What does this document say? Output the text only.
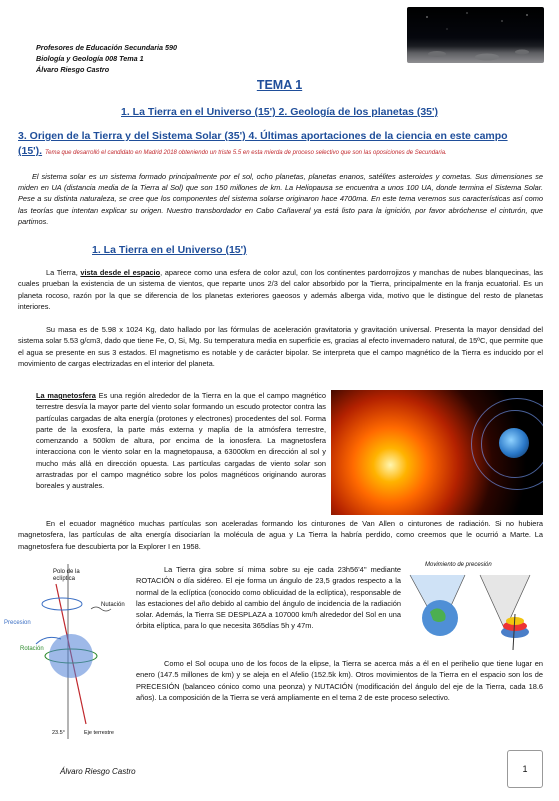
Profesores de Educación Secundaria 590
Biología y Geología 008 Tema 1
Álvaro Riesgo Castro
TEMA 1
1. La Tierra en el Universo (15') 2. Geología de los planetas (35')
3. Origen de la Tierra y del Sistema Solar (35') 4. Últimas aportaciones de la ciencia en este campo
(15'). Tema que desarrolló el candidato en Madrid 2018 obteniendo un triste 5.5 en esta mierda de proceso selectivo que son las oposiciones de Secundaria.
El sistema solar es un sistema formado principalmente por el sol, ocho planetas, planetas enanos, satélites asteroides y cometas. Sus dimensiones se miden en UA (distancia media de la Tierra al Sol) que son 150 millones de km. La Heliopausa se encuentra a unos 100 UA, donde termina el Sistema Solar. Pese a su distinta naturaleza, se cree que los componentes del sistema solarse originaron hace 4700ma. En este tema veremos sus características así como las teorías que intentan explicar su origen. Nuestro transbordador en Cabo Cañaveral ya está listo para la ignición, por favor abróchense el cinturón, que partimos.
1. La Tierra en el Universo (15')
La Tierra, vista desde el espacio, aparece como una esfera de color azul, con los continentes pardorrojizos y manchas de nubes blanquecinas, las cuales prueban la existencia de un sistema de vientos, que reparte unos 2/3 del calor absorbido por la Tierra, principalmente en la franja ecuatorial. Es un planeta rocoso, razón por la que se diferencia de los planetas exteriores gaeosos y además alberga vida, motivo que le distingue del resto de planetas interiores.
Su masa es de 5.98 x 1024 Kg, dato hallado por las fórmulas de aceleración gravitatoria y gravitación universal. Presenta la mayor densidad del sistema solar 5.53 g/cm3, dado que tiene Fe, O, Si, Mg. Su temperatura media en superficie es, gracias al efecto invernadero natural, de 15ºC, que permite que el agua se presente en sus 3 estados. El magnetismo es notable y de carácter bipolar. Se interpreta que el campo magnético de la Tierra es inducido por el movimiento de cargas electrizadas en el interior del planeta.
La magnetosfera Es una región alrededor de la Tierra en la que el campo magnético terrestre desvía la mayor parte del viento solar formando un escudo protector contra las partículas cargadas de alta energía (protones y electrones) procedentes del sol. Forma parte de la exosfera, la parte más externa y maplia de la atmósfera terrestre, comenzando a 500km de altura, por encima de la ionosfera. La magnetosfera interacciona con le viento solar en la magnetopausa, a 63000km en dirección al sol y mucho más allá en dirección opuesta. Las partículas cargadas de viento solar son arrastradas por el campo magnético sobre los polos magnéticos originando auroras boreales y australes.
En el ecuador magnético muchas partículas son aceleradas formando los cinturones de Van Allen o cinturones de radiación. Si no hubiera magnetosfera, las partículas de alta energía disociarían la molécula de agua y La Tierra la habría perdido, como creemos que le ocurrió a Marte. La magnetosfera fue descubierta por la Explorer I en 1958.
Polo de la
eclíptica
Nutación
Precesion
Rotación
Eje terrestre
23.5°
La Tierra gira sobre sí mima sobre su eje cada 23h56'4'' mediante ROTACIÓN o día sidéreo. El eje forma un ángulo de 23,5 grados respecto a la normal de la eclíptica (conocido como oblicuidad de la eclíptica), responsable de las estaciones del año debido al cambio del ángulo de incidencia de la radiación solar. Además, la Tierra SE DESPLAZA a 107000 km/h alrededor del Sol en una órbita elíptica, para lo que necesita 365días 5h y 47m.
Movimiento de precesión
Como el Sol ocupa uno de los focos de la elipse, la Tierra se acerca más a él en el perihelio que tiene lugar en enero (147.5 millones de km) y se aleja en el Afelio (152.5k km). Otros movimientos de la Tierra en el espacio son los de PRECESIÓN (balanceo cónico como una peonza) y NUTACIÓN (modificación del ángulo del eje de la Tierra, cada 18.6 años). La composición de la Tierra se verá ampliamente en el tema 2 de este proceso selectivo.
Álvaro Riesgo Castro	1
